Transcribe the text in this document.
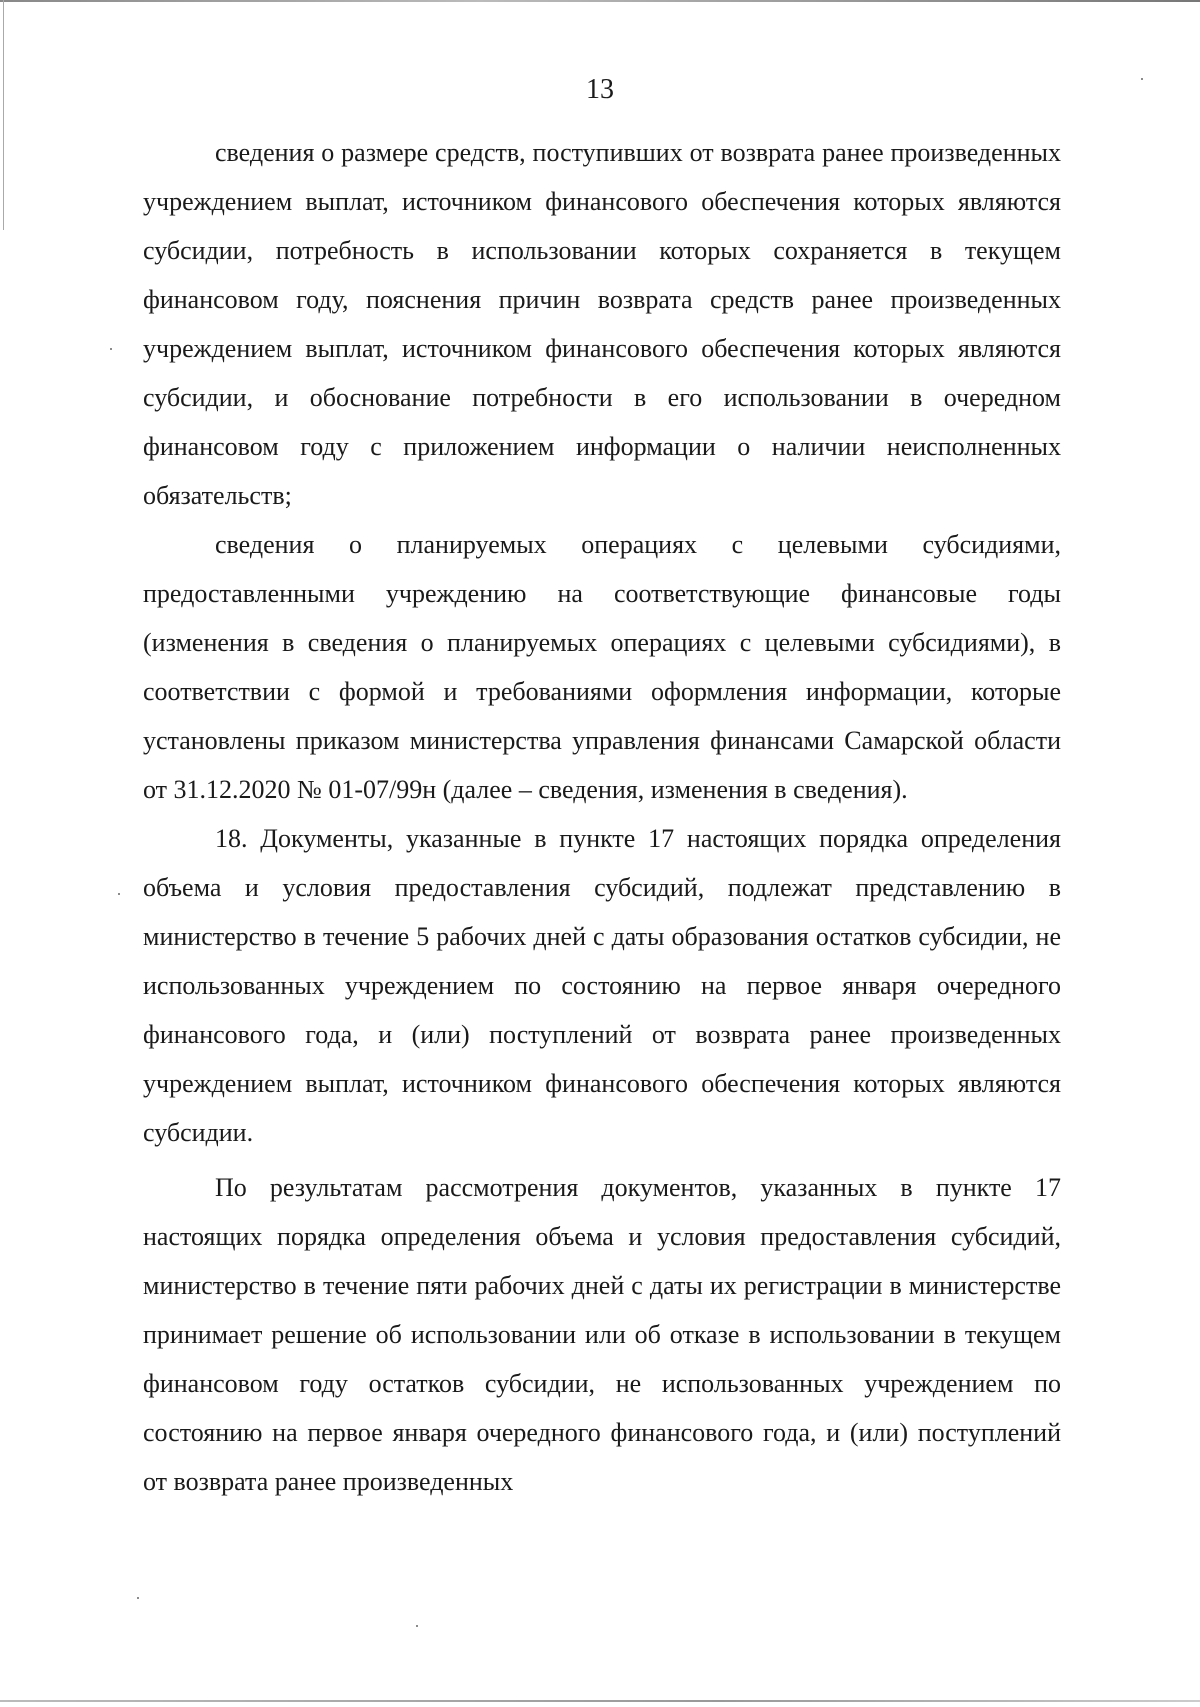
13

сведения о размере средств, поступивших от возврата ранее произведенных учреждением выплат, источником финансового обеспечения которых являются субсидии, потребность в использовании которых сохраняется в текущем финансовом году, пояснения причин возврата средств ранее произведенных учреждением выплат, источником финансового обеспечения которых являются субсидии, и обоснование потребности в его использовании в очередном финансовом году с приложением информации о наличии неисполненных обязательств;

сведения о планируемых операциях с целевыми субсидиями, предоставленными учреждению на соответствующие финансовые годы (изменения в сведения о планируемых операциях с целевыми субсидиями), в соответствии с формой и требованиями оформления информации, которые установлены приказом министерства управления финансами Самарской области от 31.12.2020 № 01-07/99н (далее – сведения, изменения в сведения).

18. Документы, указанные в пункте 17 настоящих порядка определения объема и условия предоставления субсидий, подлежат представлению в министерство в течение 5 рабочих дней с даты образования остатков субсидии, не использованных учреждением по состоянию на первое января очередного финансового года, и (или) поступлений от возврата ранее произведенных учреждением выплат, источником финансового обеспечения которых являются субсидии.

По результатам рассмотрения документов, указанных в пункте 17 настоящих порядка определения объема и условия предоставления субсидий, министерство в течение пяти рабочих дней с даты их регистрации в министерстве принимает решение об использовании или об отказе в использовании в текущем финансовом году остатков субсидии, не использованных учреждением по состоянию на первое января очередного финансового года, и (или) поступлений от возврата ранее произведенных
